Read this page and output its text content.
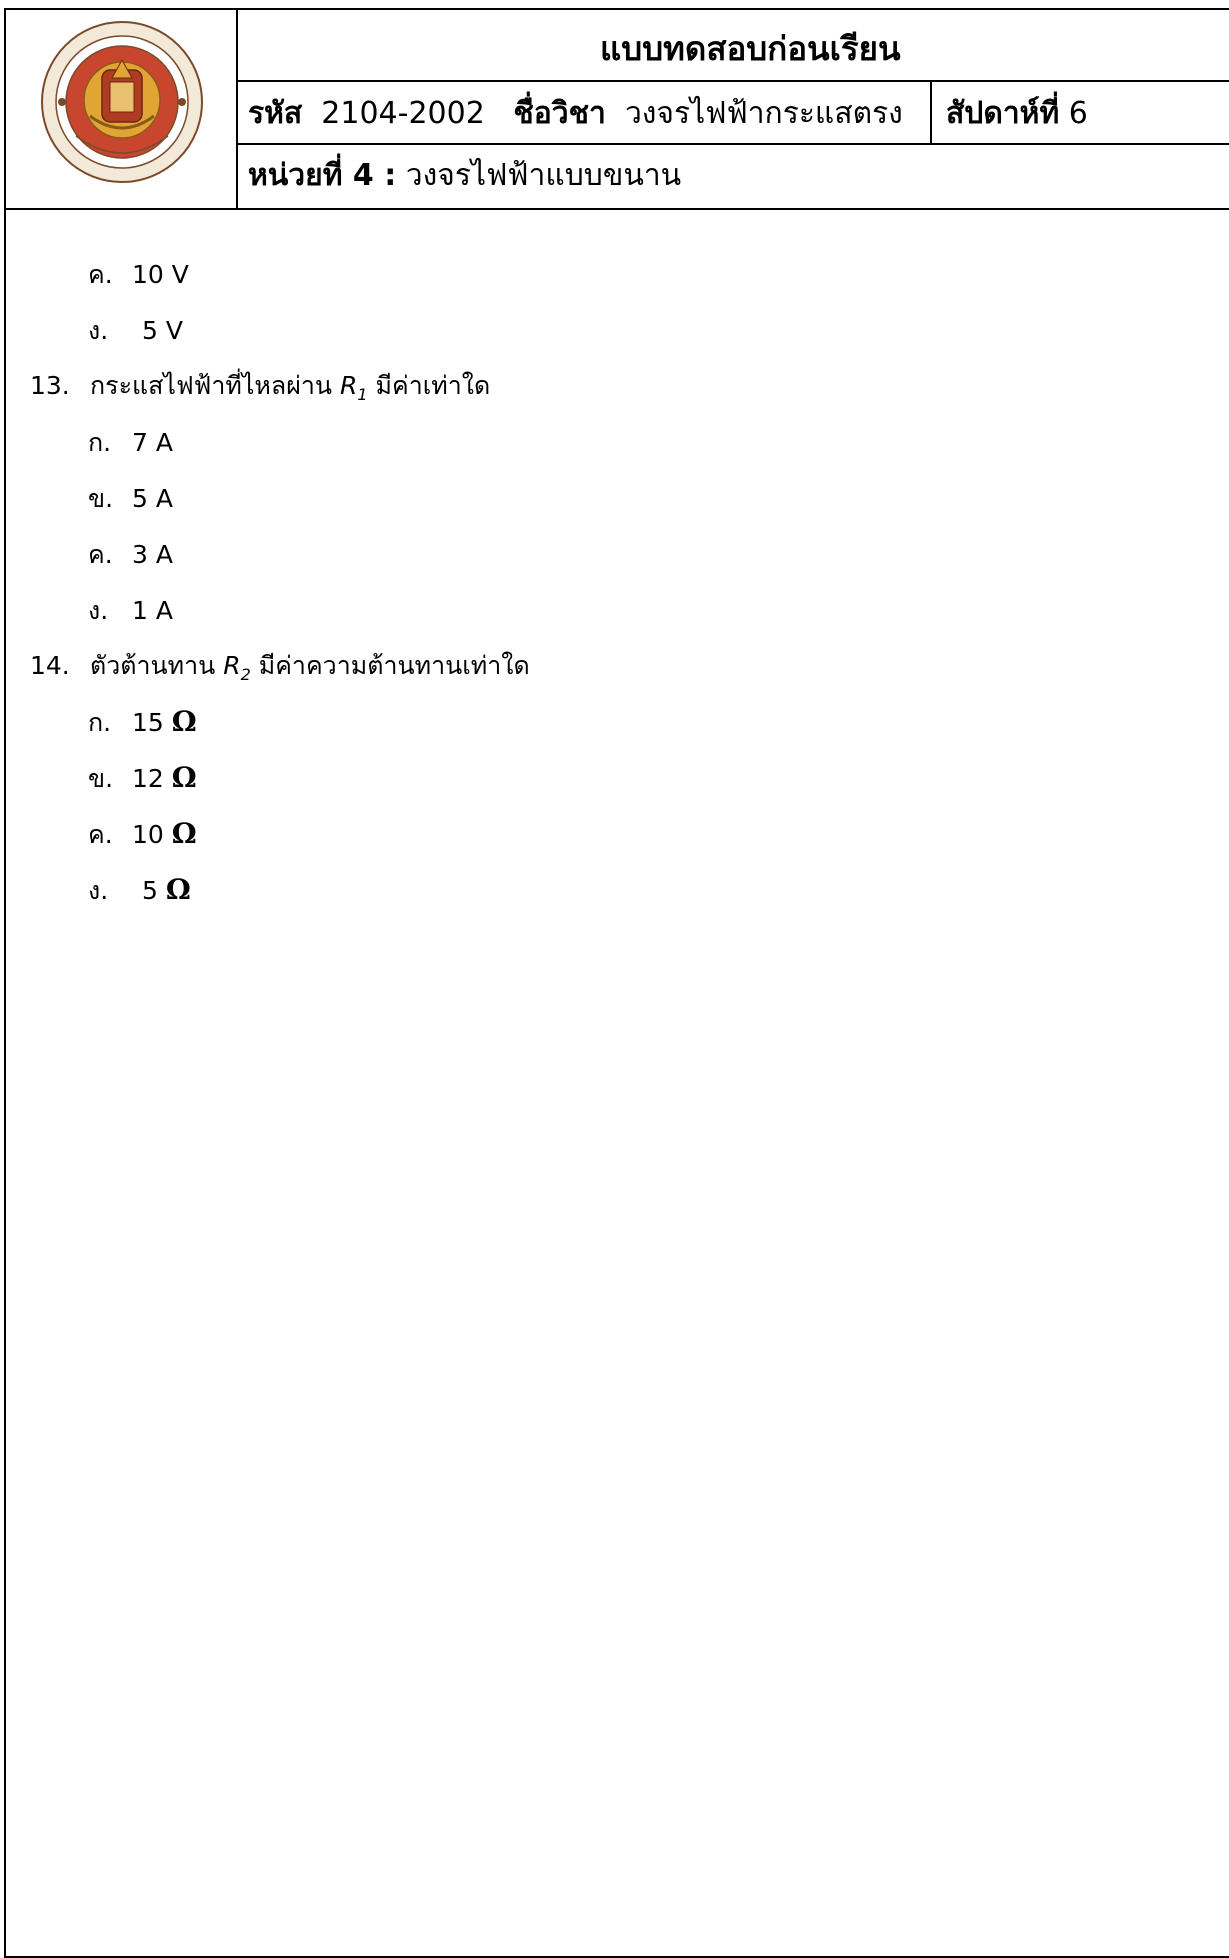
แบบทดสอบก่อนเรียน
รหัส 2104-2002 ชื่อวิชา วงจรไฟฟ้ากระแสตรง สัปดาห์ที่ 6
หน่วยที่ 4 : วงจรไฟฟ้าแบบขนาน
ค. 10 V
ง. 5 V
13. กระแสไฟฟ้าที่ไหลผ่าน $R_1$ มีค่าเท่าใด
ก. 7 A
ข. 5 A
ค. 3 A
ง. 1 A
14. ตัวต้านทาน $R_2$ มีค่าความต้านทานเท่าใด
ก. 15 Ω
ข. 12 Ω
ค. 10 Ω
ง. 5 Ω
